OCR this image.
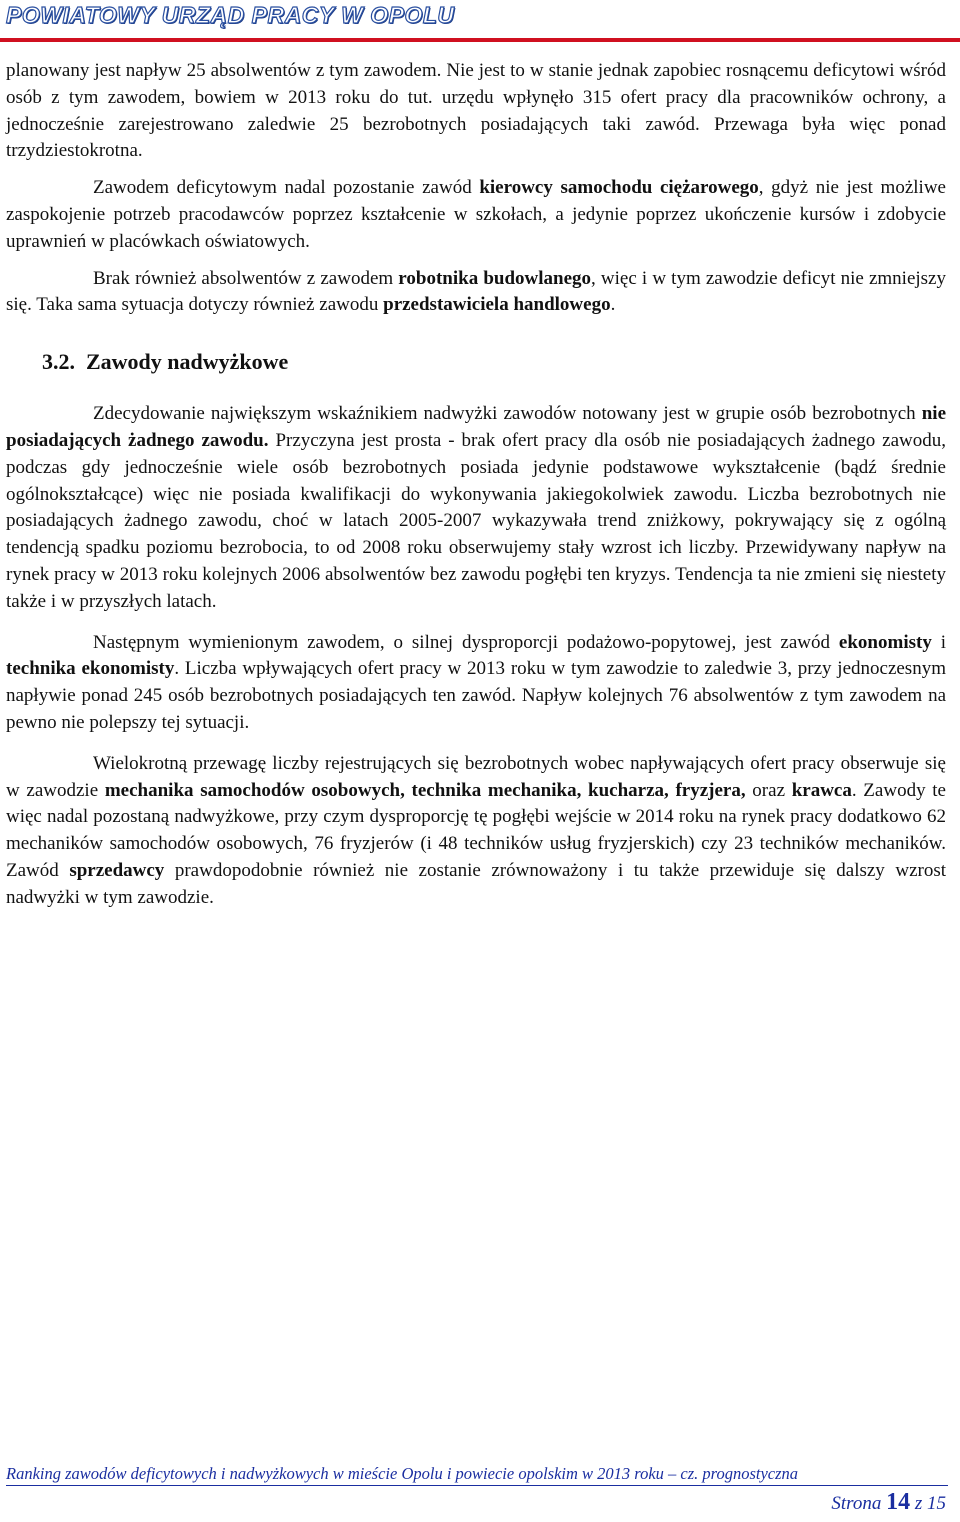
POWIATOWY URZĄD PRACY W OPOLU

planowany jest napływ 25 absolwentów z tym zawodem. Nie jest to w stanie jednak zapobiec rosnącemu deficytowi wśród osób z tym zawodem, bowiem w 2013 roku do tut. urzędu wpłynęło 315 ofert pracy dla pracowników ochrony, a jednocześnie zarejestrowano zaledwie 25 bezrobotnych posiadających taki zawód. Przewaga była więc ponad trzydziestokrotna.

Zawodem deficytowym nadal pozostanie zawód kierowcy samochodu ciężarowego, gdyż nie jest możliwe zaspokojenie potrzeb pracodawców poprzez kształcenie w szkołach, a jedynie poprzez ukończenie kursów i zdobycie uprawnień w placówkach oświatowych.

Brak również absolwentów z zawodem robotnika budowlanego, więc i w tym zawodzie deficyt nie zmniejszy się. Taka sama sytuacja dotyczy również zawodu przedstawiciela handlowego.

3.2. Zawody nadwyżkowe

Zdecydowanie największym wskaźnikiem nadwyżki zawodów notowany jest w grupie osób bezrobotnych nie posiadających żadnego zawodu. Przyczyna jest prosta - brak ofert pracy dla osób nie posiadających żadnego zawodu, podczas gdy jednocześnie wiele osób bezrobotnych posiada jedynie podstawowe wykształcenie (bądź średnie ogólnokształcące) więc nie posiada kwalifikacji do wykonywania jakiegokolwiek zawodu. Liczba bezrobotnych nie posiadających żadnego zawodu, choć w latach 2005-2007 wykazywała trend zniżkowy, pokrywający się z ogólną tendencją spadku poziomu bezrobocia, to od 2008 roku obserwujemy stały wzrost ich liczby. Przewidywany napływ na rynek pracy w 2013 roku kolejnych 2006 absolwentów bez zawodu pogłębi ten kryzys. Tendencja ta nie zmieni się niestety także i w przyszłych latach.

Następnym wymienionym zawodem, o silnej dysproporcji podażowo-popytowej, jest zawód ekonomisty i technika ekonomisty. Liczba wpływających ofert pracy w 2013 roku w tym zawodzie to zaledwie 3, przy jednoczesnym napływie ponad 245 osób bezrobotnych posiadających ten zawód. Napływ kolejnych 76 absolwentów z tym zawodem na pewno nie polepszy tej sytuacji.

Wielokrotną przewagę liczby rejestrujących się bezrobotnych wobec napływających ofert pracy obserwuje się w zawodzie mechanika samochodów osobowych, technika mechanika, kucharza, fryzjera, oraz krawca. Zawody te więc nadal pozostaną nadwyżkowe, przy czym dysproporcję tę pogłębi wejście w 2014 roku na rynek pracy dodatkowo 62 mechaników samochodów osobowych, 76 fryzjerów (i 48 techników usług fryzjerskich) czy 23 techników mechaników. Zawód sprzedawcy prawdopodobnie również nie zostanie zrównoważony i tu także przewiduje się dalszy wzrost nadwyżki w tym zawodzie.

Ranking zawodów deficytowych i nadwyżkowych w mieście Opolu i powiecie opolskim w 2013 roku – cz. prognostyczna
Strona 14 z 15
